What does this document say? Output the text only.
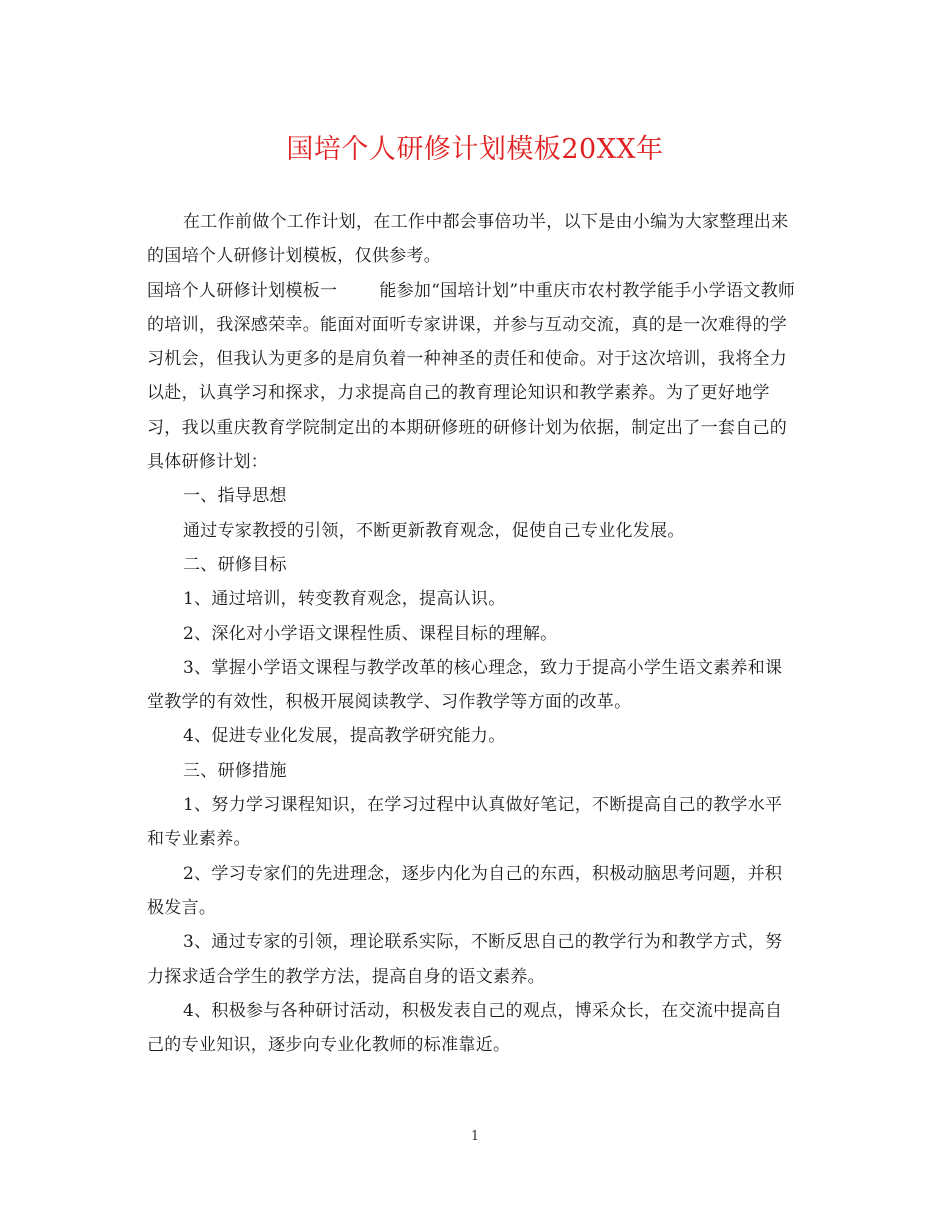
国培个人研修计划模板20XX年

在工作前做个工作计划，在工作中都会事倍功半，以下是由小编为大家整理出来的国培个人研修计划模板，仅供参考。

国培个人研修计划模板一 能参加“国培计划”中重庆市农村教学能手小学语文教师的培训，我深感荣幸。能面对面听专家讲课，并参与互动交流，真的是一次难得的学习机会，但我认为更多的是肩负着一种神圣的责任和使命。对于这次培训，我将全力以赴，认真学习和探求，力求提高自己的教育理论知识和教学素养。为了更好地学习，我以重庆教育学院制定出的本期研修班的研修计划为依据，制定出了一套自己的具体研修计划：

一、指导思想

通过专家教授的引领，不断更新教育观念，促使自己专业化发展。

二、研修目标

1、通过培训，转变教育观念，提高认识。

2、深化对小学语文课程性质、课程目标的理解。

3、掌握小学语文课程与教学改革的核心理念，致力于提高小学生语文素养和课堂教学的有效性，积极开展阅读教学、习作教学等方面的改革。

4、促进专业化发展，提高教学研究能力。

三、研修措施

1、努力学习课程知识，在学习过程中认真做好笔记，不断提高自己的教学水平和专业素养。

2、学习专家们的先进理念，逐步内化为自己的东西，积极动脑思考问题，并积极发言。

3、通过专家的引领，理论联系实际，不断反思自己的教学行为和教学方式，努力探求适合学生的教学方法，提高自身的语文素养。

4、积极参与各种研讨活动，积极发表自己的观点，博采众长，在交流中提高自己的专业知识，逐步向专业化教师的标准靠近。

1
